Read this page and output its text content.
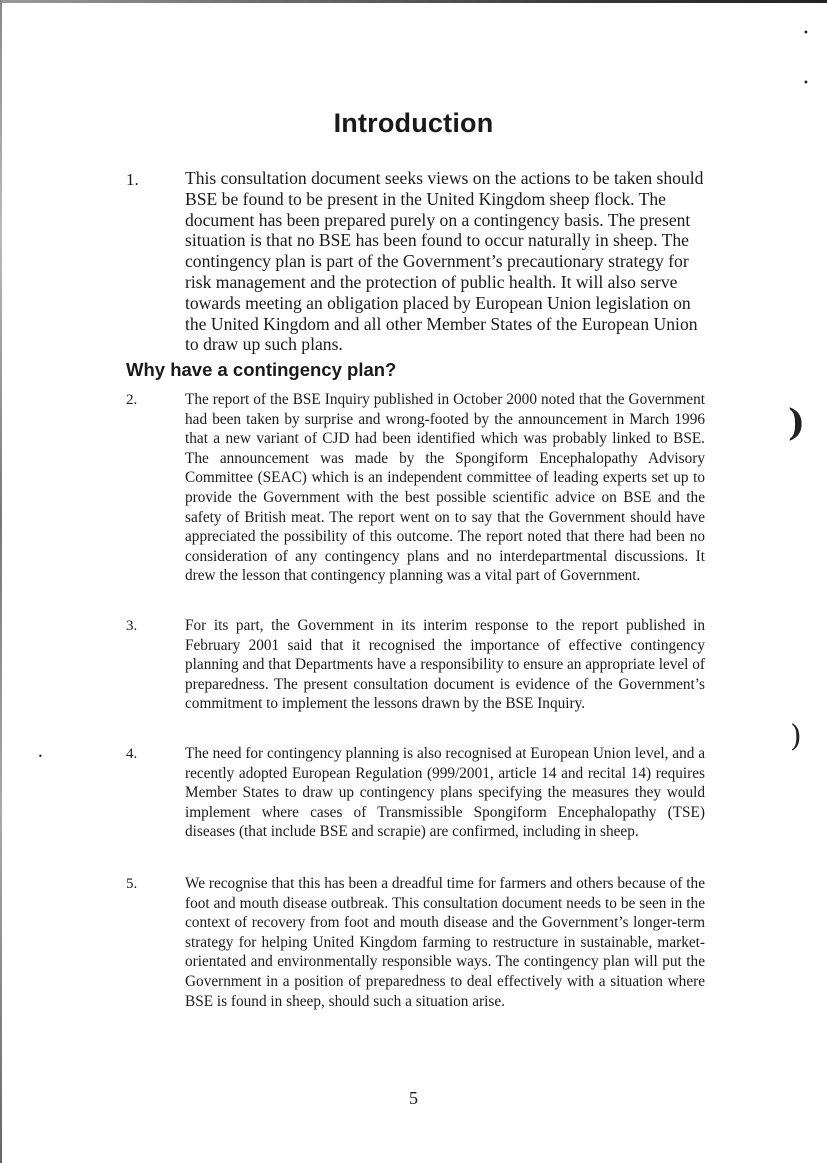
•
•
)
)
•
Introduction
1.	This consultation document seeks views on the actions to be taken should BSE be found to be present in the United Kingdom sheep flock. The document has been prepared purely on a contingency basis. The present situation is that no BSE has been found to occur naturally in sheep. The contingency plan is part of the Government’s precautionary strategy for risk management and the protection of public health. It will also serve towards meeting an obligation placed by European Union legislation on the United Kingdom and all other Member States of the European Union to draw up such plans.

Why have a contingency plan?
2.	The report of the BSE Inquiry published in October 2000 noted that the Government had been taken by surprise and wrong-footed by the announcement in March 1996 that a new variant of CJD had been identified which was probably linked to BSE. The announcement was made by the Spongiform Encephalopathy Advisory Committee (SEAC) which is an independent committee of leading experts set up to provide the Government with the best possible scientific advice on BSE and the safety of British meat. The report went on to say that the Government should have appreciated the possibility of this outcome. The report noted that there had been no consideration of any contingency plans and no interdepartmental discussions. It drew the lesson that contingency planning was a vital part of Government.

3.	For its part, the Government in its interim response to the report published in February 2001 said that it recognised the importance of effective contingency planning and that Departments have a responsibility to ensure an appropriate level of preparedness. The present consultation document is evidence of the Government’s commitment to implement the lessons drawn by the BSE Inquiry.

4.	The need for contingency planning is also recognised at European Union level, and a recently adopted European Regulation (999/2001, article 14 and recital 14) requires Member States to draw up contingency plans specifying the measures they would implement where cases of Transmissible Spongiform Encephalopathy (TSE) diseases (that include BSE and scrapie) are confirmed, including in sheep.

5.	We recognise that this has been a dreadful time for farmers and others because of the foot and mouth disease outbreak. This consultation document needs to be seen in the context of recovery from foot and mouth disease and the Government’s longer-term strategy for helping United Kingdom farming to restructure in sustainable, market-orientated and environmentally responsible ways. The contingency plan will put the Government in a position of preparedness to deal effectively with a situation where BSE is found in sheep, should such a situation arise.

5
